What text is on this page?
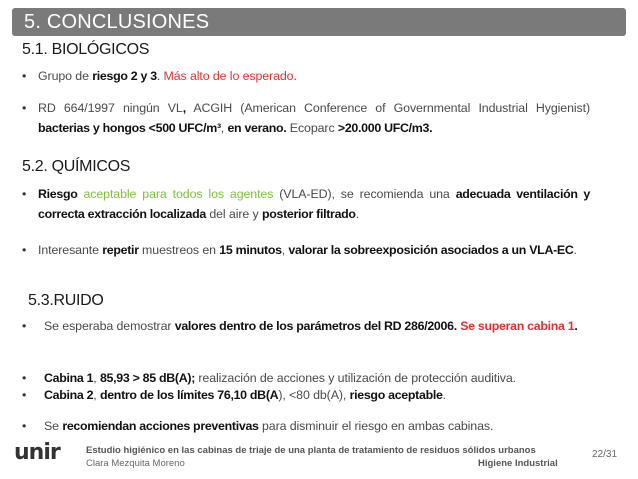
5. CONCLUSIONES
5.1. BIOLÓGICOS
• Grupo de riesgo 2 y 3. Más alto de lo esperado.
• RD 664/1997 ningún VL, ACGIH (American Conference of Governmental Industrial Hygienist) bacterias y hongos <500 UFC/m³, en verano. Ecoparc >20.000 UFC/m3.
5.2. QUÍMICOS
• Riesgo aceptable para todos los agentes (VLA-ED), se recomienda una adecuada ventilación y correcta extracción localizada del aire y posterior filtrado.
• Interesante repetir muestreos en 15 minutos, valorar la sobreexposición asociados a un VLA-EC.
5.3.RUIDO
• Se esperaba demostrar valores dentro de los parámetros del RD 286/2006. Se superan cabina 1.
• Cabina 1, 85,93 > 85 dB(A); realización de acciones y utilización de protección auditiva.
• Cabina 2, dentro de los límites 76,10 dB(A), <80 db(A), riesgo aceptable.
• Se recomiendan acciones preventivas para disminuir el riesgo en ambas cabinas.
unir	Estudio higiénico en las cabinas de triaje de una planta de tratamiento de residuos sólidos urbanos
Clara Mezquita Moreno	Higiene Industrial
22/31
